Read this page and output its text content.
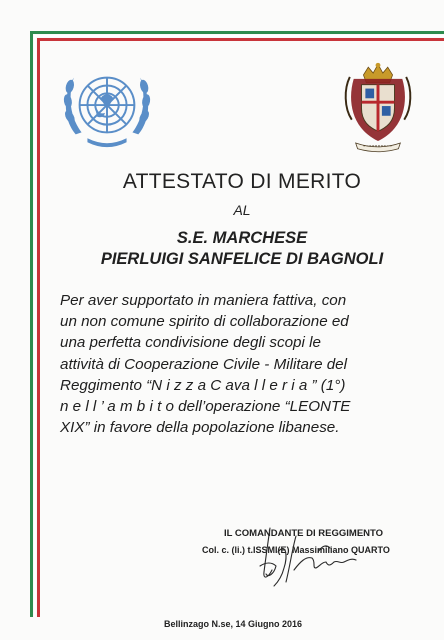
ATTESTATO DI MERITO
AL
S.E. MARCHESE
PIERLUIGI SANFELICE DI BAGNOLI

Per aver supportato in maniera fattiva, con
un non comune spirito di collaborazione ed
una perfetta condivisione degli scopi le
attività di Cooperazione Civile - Militare del
Reggimento “N i z z a C ava l l e r i a ” (1°)
n e l l ’ a m b i t o dell’operazione “LEONTE
XIX” in favore della popolazione libanese.

IL COMANDANTE DI REGGIMENTO
Col. c. (li.) t.ISSMI(E) Massimiliano QUARTO
Bellinzago N.se, 14 Giugno 2016
